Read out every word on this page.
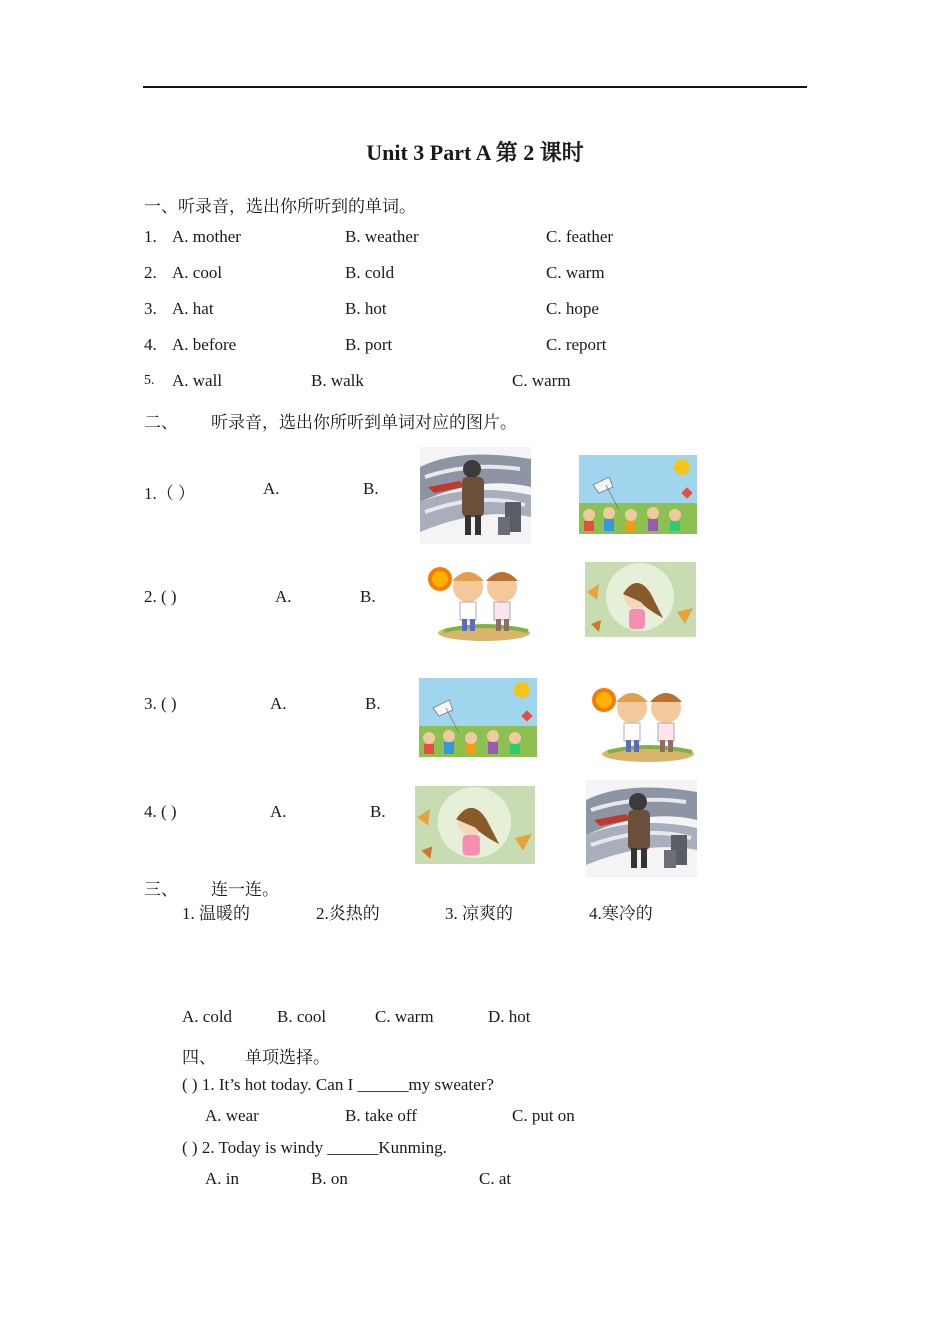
Unit 3 Part A 第 2 课时
一、听录音，选出你所听到的单词。
1. A. mother	B. weather	C. feather
2. A. cool	B. cold	C. warm
3. A. hat	B. hot	C. hope
4. A. before	B. port	C. report
5. A. wall	B. walk	C. warm
二、 听录音，选出你所听到单词对应的图片。
1.（ ）	A.	B.
2. ( )	A.	B.
3. ( )	A.	B.
4. ( )	A.	B.
三、 连一连。
1. 温暖的	2.炎热的	3. 凉爽的	4.寒冷的
A. cold	B. cool	C. warm	D. hot
四、 单项选择。
( ) 1. It’s hot today. Can I ______my sweater?
A. wear	B. take off	C. put on
( ) 2. Today is windy ______Kunming.
A. in	B. on	C. at
